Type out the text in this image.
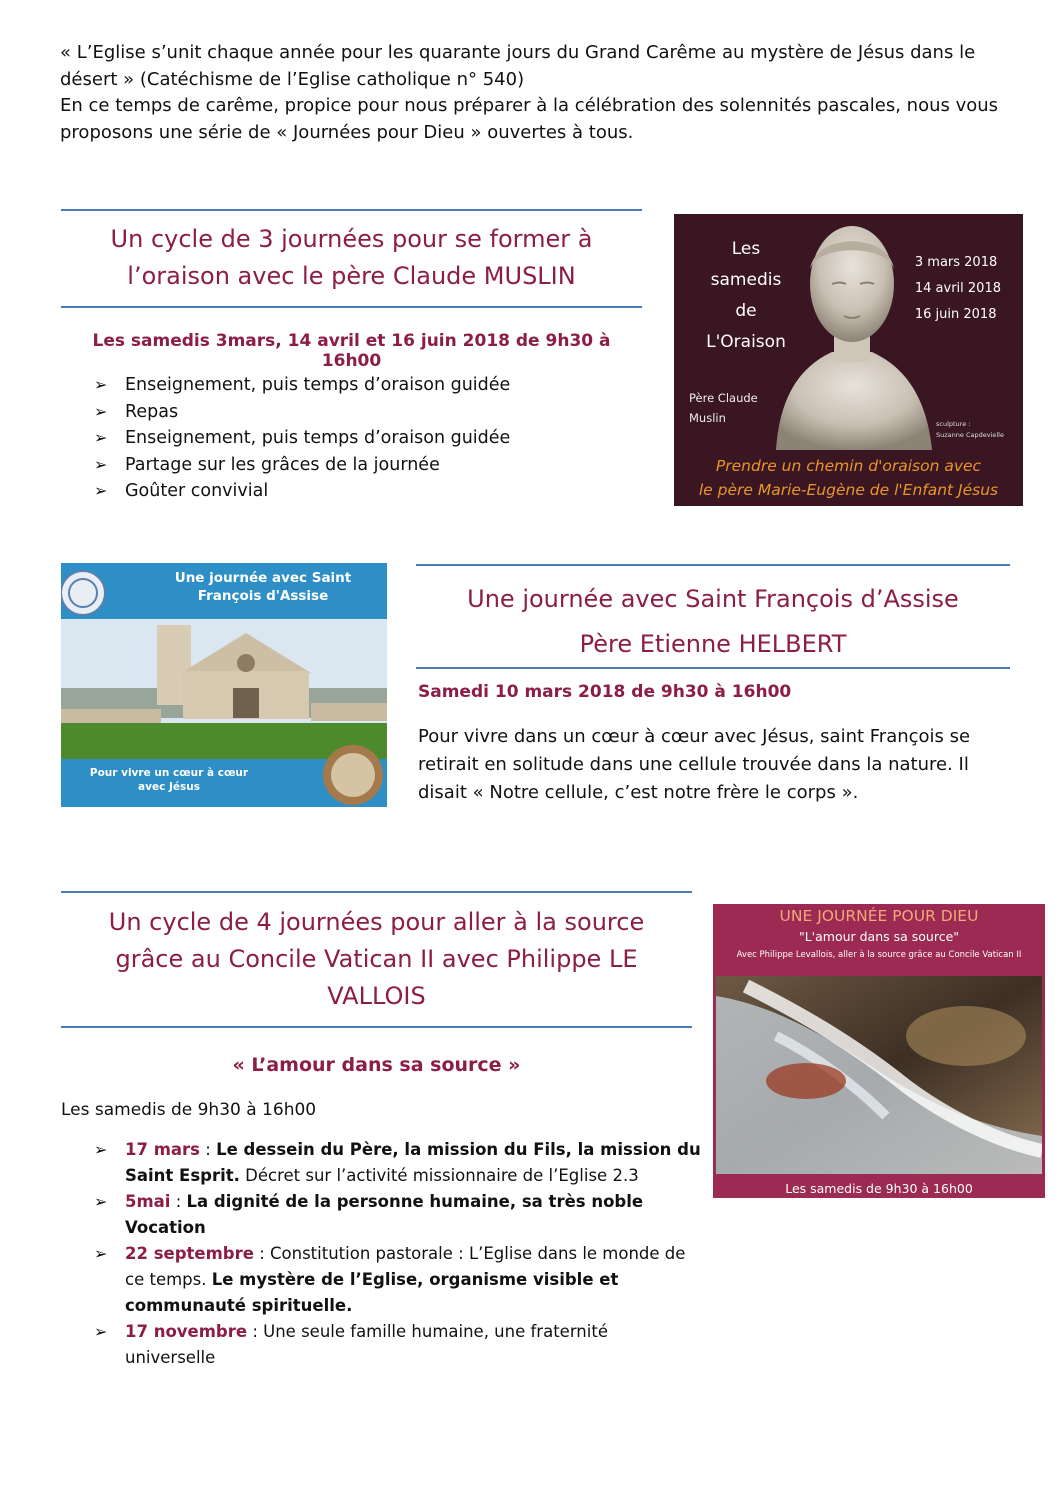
« L’Eglise s’unit chaque année pour les quarante jours du Grand Carême au mystère de Jésus dans le désert » (Catéchisme de l’Eglise catholique n° 540)

En ce temps de carême, propice pour nous préparer à la célébration des solennités pascales, nous vous proposons une série de « Journées pour Dieu » ouvertes à tous.

Un cycle de 3 journées pour se former à
l’oraison avec le père Claude MUSLIN
Les samedis 3mars, 14 avril et 16 juin 2018 de 9h30 à 16h00
➢ Enseignement, puis temps d’oraison guidée
➢ Repas
➢ Enseignement, puis temps d’oraison guidée
➢ Partage sur les grâces de la journée
➢ Goûter convivial
Les
samedis
de
L'Oraison
3 mars 2018
14 avril 2018
16 juin 2018
Père Claude
Muslin	sculpture :
Suzanne Capdevielle
Prendre un chemin d'oraison avec
le père Marie-Eugène de l'Enfant Jésus
Une journée avec Saint
François d'Assise
Pour vivre un cœur à cœur
avec Jésus
Une journée avec Saint François d’Assise
Père Etienne HELBERT
Samedi 10 mars 2018 de 9h30 à 16h00
Pour vivre dans un cœur à cœur avec Jésus, saint François se retirait en solitude dans une cellule trouvée dans la nature. Il disait « Notre cellule, c’est notre frère le corps ».
Un cycle de 4 journées pour aller à la source
grâce au Concile Vatican II avec Philippe LE
VALLOIS
« L’amour dans sa source »
Les samedis de 9h30 à 16h00
➢ 17 mars : Le dessein du Père, la mission du Fils, la mission du Saint Esprit. Décret sur l’activité missionnaire de l’Eglise 2.3
➢ 5mai : La dignité de la personne humaine, sa très noble Vocation
➢ 22 septembre : Constitution pastorale : L’Eglise dans le monde de ce temps. Le mystère de l’Eglise, organisme visible et communauté spirituelle.
➢ 17 novembre : Une seule famille humaine, une fraternité universelle
UNE JOURNÉE POUR DIEU
"L'amour dans sa source"
Avec Philippe Levallois, aller à la source grâce au Concile Vatican II
Les samedis de 9h30 à 16h00
